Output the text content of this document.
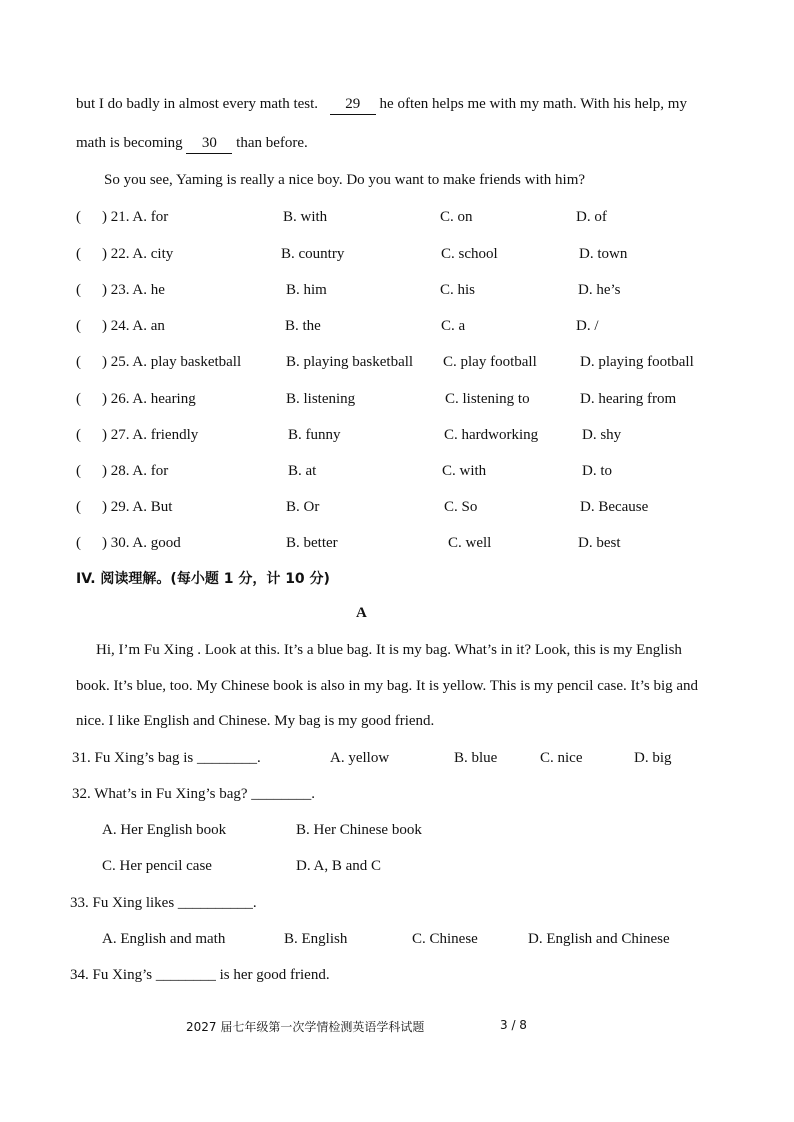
but I do badly in almost every math test. 29 he often helps me with my math. With his help, my
math is becoming 30 than before.
So you see, Yaming is really a nice boy. Do you want to make friends with him?
( ) 21. A. for	B. with	C. on	D. of
( ) 22. A. city	B. country	C. school	D. town
( ) 23. A. he	B. him	C. his	D. he’s
( ) 24. A. an	B. the	C. a	D. /
( ) 25. A. play basketball	B. playing basketball C. play football	D. playing football
( ) 26. A. hearing	B. listening	C. listening to	D. hearing from
( ) 27. A. friendly	B. funny	C. hardworking	D. shy
( ) 28. A. for	B. at	C. with	D. to
( ) 29. A. But	B. Or	C. So	D. Because
( ) 30. A. good	B. better	C. well	D. best
IV. 阅读理解。(每小题 1 分，计 10 分)
A
Hi, I’m Fu Xing . Look at this. It’s a blue bag. It is my bag. What’s in it? Look, this is my English
book. It’s blue, too. My Chinese book is also in my bag. It is yellow. This is my pencil case. It’s big and
nice. I like English and Chinese. My bag is my good friend.
31. Fu Xing’s bag is ________.	A. yellow	B. blue	C. nice	D. big
32. What’s in Fu Xing’s bag? ________.
A. Her English book	B. Her Chinese book
C. Her pencil case	D. A, B and C
33. Fu Xing likes __________.
A. English and math	B. English	C. Chinese	D. English and Chinese
34. Fu Xing’s ________ is her good friend.
2027 届七年级第一次学情检测英语学科试题	3 / 8
